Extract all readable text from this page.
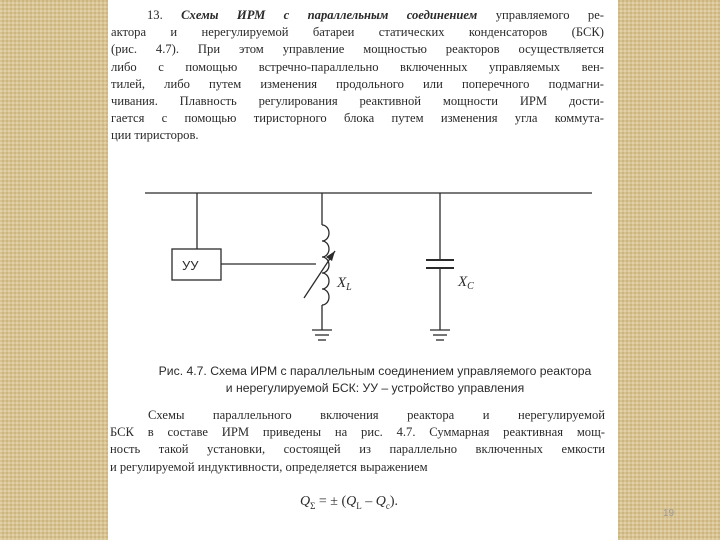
13. Схемы ИРМ с параллельным соединением управляемого ре-
актора и нерегулируемой батареи статических конденсаторов (БСК)
(рис. 4.7). При этом управление мощностью реакторов осуществляется
либо с помощью встречно-параллельно включенных управляемых вен-
тилей, либо путем изменения продольного или поперечного подмагни-
чивания. Плавность регулирования реактивной мощности ИРМ дости-
гается с помощью тиристорного блока путем изменения угла коммута-
ции тиристоров.
УУ
$X_L$	$X_C$
Рис. 4.7. Схема ИРМ с параллельным соединением управляемого реактора
и нерегулируемой БСК: УУ – устройство управления
Схемы параллельного включения реактора и нерегулируемой
БСК в составе ИРМ приведены на рис. 4.7. Суммарная реактивная мощ-
ность такой установки, состоящей из параллельно включенных емкости
и регулируемой индуктивности, определяется выражением
$Q_\Sigma$ = ± $(Q_L - Q_c)$.
19
